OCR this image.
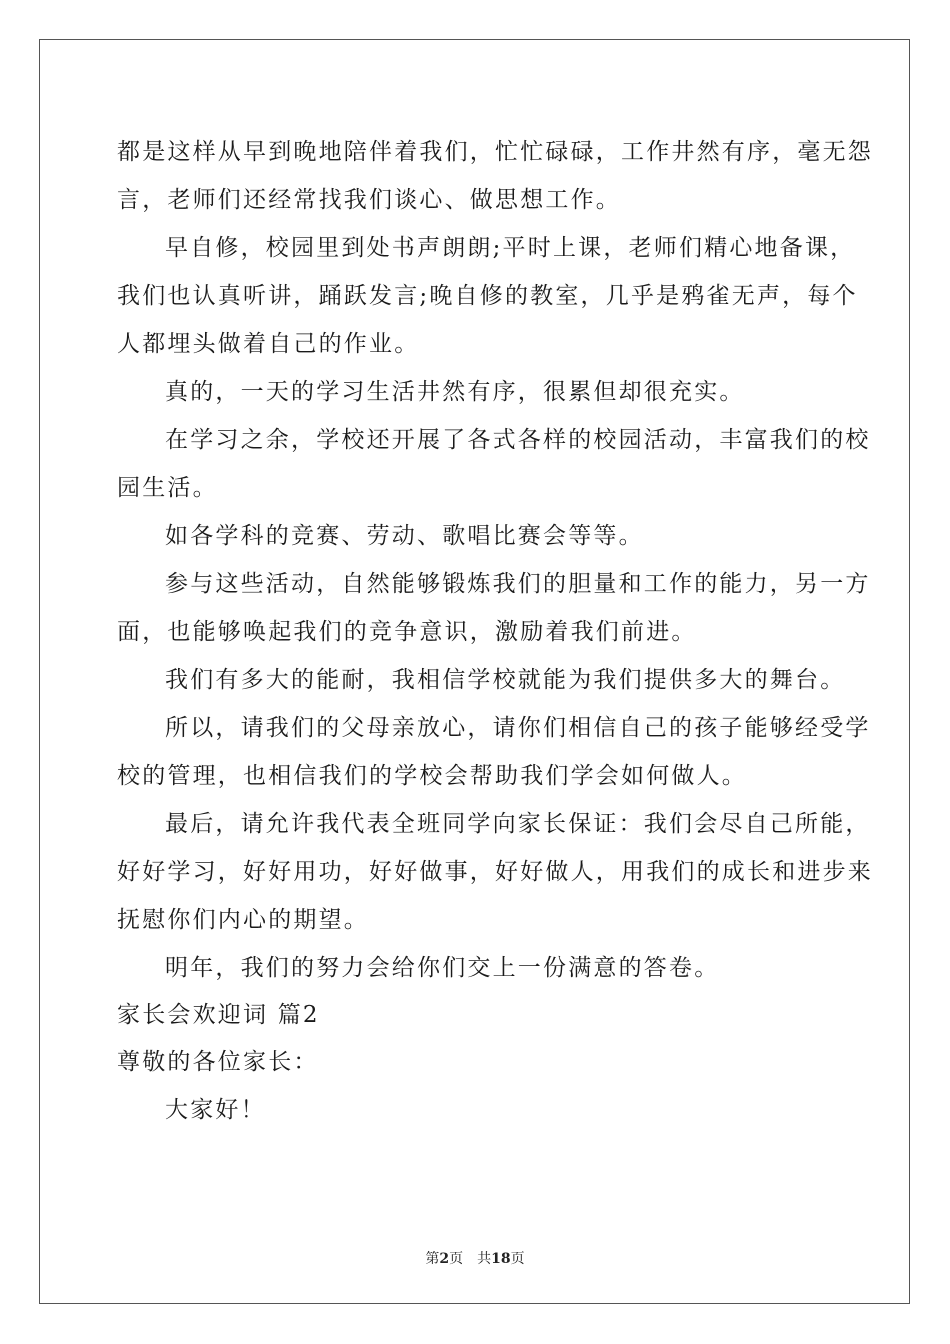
都是这样从早到晚地陪伴着我们，忙忙碌碌，工作井然有序，毫无怨
言，老师们还经常找我们谈心、做思想工作。
早自修，校园里到处书声朗朗;平时上课，老师们精心地备课，
我们也认真听讲，踊跃发言;晚自修的教室，几乎是鸦雀无声，每个
人都埋头做着自己的作业。
真的，一天的学习生活井然有序，很累但却很充实。
在学习之余，学校还开展了各式各样的校园活动，丰富我们的校
园生活。
如各学科的竞赛、劳动、歌唱比赛会等等。
参与这些活动，自然能够锻炼我们的胆量和工作的能力，另一方
面，也能够唤起我们的竞争意识，激励着我们前进。
我们有多大的能耐，我相信学校就能为我们提供多大的舞台。
所以，请我们的父母亲放心，请你们相信自己的孩子能够经受学
校的管理，也相信我们的学校会帮助我们学会如何做人。
最后，请允许我代表全班同学向家长保证：我们会尽自己所能，
好好学习，好好用功，好好做事，好好做人，用我们的成长和进步来
抚慰你们内心的期望。
明年，我们的努力会给你们交上一份满意的答卷。
家长会欢迎词 篇2
尊敬的各位家长：
大家好！
第2页 共18页
